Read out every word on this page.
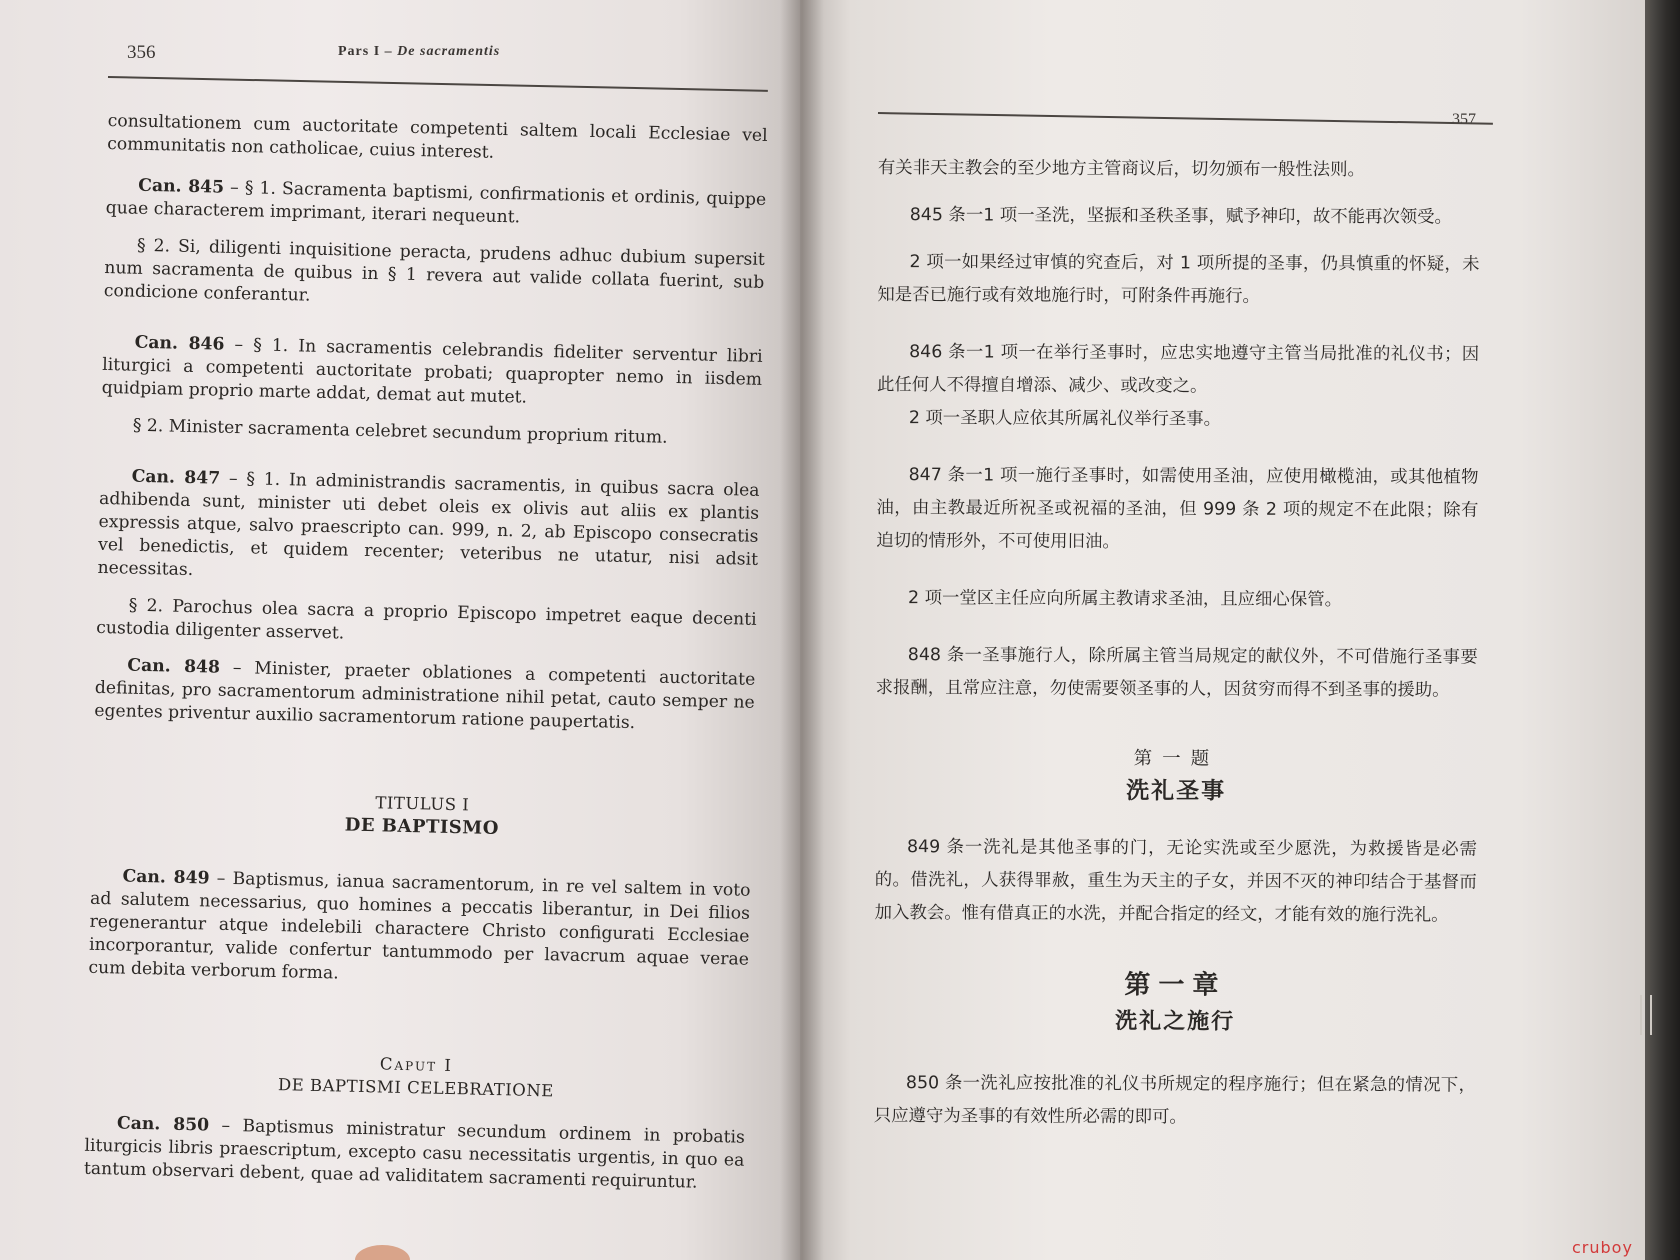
356	Pars I – De sacramentis

consultationem cum auctoritate competenti saltem locali Ecclesiae vel communitatis non catholicae, cuius interest.

Can. 845 – § 1. Sacramenta baptismi, confirmationis et ordinis, quippe quae characterem imprimant, iterari nequeunt.

§ 2. Si, diligenti inquisitione peracta, prudens adhuc dubium supersit num sacramenta de quibus in § 1 revera aut valide collata fuerint, sub condicione conferantur.

Can. 846 – § 1. In sacramentis celebrandis fideliter serventur libri liturgici a competenti auctoritate probati; quapropter nemo in iisdem quidpiam proprio marte addat, demat aut mutet.

§ 2. Minister sacramenta celebret secundum proprium ritum.

Can. 847 – § 1. In administrandis sacramentis, in quibus sacra olea adhibenda sunt, minister uti debet oleis ex olivis aut aliis ex plantis expressis atque, salvo praescripto can. 999, n. 2, ab Episcopo consecratis vel benedictis, et quidem recenter; veteribus ne utatur, nisi adsit necessitas.

§ 2. Parochus olea sacra a proprio Episcopo impetret eaque decenti custodia diligenter asservet.

Can. 848 – Minister, praeter oblationes a competenti auctoritate definitas, pro sacramentorum administratione nihil petat, cauto semper ne egentes priventur auxilio sacramentorum ratione paupertatis.

TITULUS I

DE BAPTISMO

Can. 849 – Baptismus, ianua sacramentorum, in re vel saltem in voto ad salutem necessarius, quo homines a peccatis liberantur, in Dei filios regenerantur atque indelebili charactere Christo configurati Ecclesiae incorporantur, valide confertur tantummodo per lavacrum aquae verae cum debita verborum forma.

Caput I

DE BAPTISMI CELEBRATIONE

Can. 850 – Baptismus ministratur secundum ordinem in probatis liturgicis libris praescriptum, excepto casu necessitatis urgentis, in quo ea tantum observari debent, quae ad validitatem sacramenti requiruntur.

357

有关非天主教会的至少地方主管商议后，切勿颁布一般性法则。

845 条一1 项一圣洗，坚振和圣秩圣事，赋予神印，故不能再次领受。

2 项一如果经过审慎的究查后，对 1 项所提的圣事，仍具慎重的怀疑，未知是否已施行或有效地施行时，可附条件再施行。

846 条一1 项一在举行圣事时，应忠实地遵守主管当局批准的礼仪书；因此任何人不得擅自增添、减少、或改变之。

2 项一圣职人应依其所属礼仪举行圣事。

847 条一1 项一施行圣事时，如需使用圣油，应使用橄榄油，或其他植物油，由主教最近所祝圣或祝福的圣油，但 999 条 2 项的规定不在此限；除有迫切的情形外，不可使用旧油。

2 项一堂区主任应向所属主教请求圣油，且应细心保管。

848 条一圣事施行人，除所属主管当局规定的献仪外，不可借施行圣事要求报酬，且常应注意，勿使需要领圣事的人，因贫穷而得不到圣事的援助。

第一题

洗礼圣事

849 条一洗礼是其他圣事的门，无论实洗或至少愿洗，为救援皆是必需的。借洗礼，人获得罪赦，重生为天主的子女，并因不灭的神印结合于基督而加入教会。惟有借真正的水洗，并配合指定的经文，才能有效的施行洗礼。

第一章

洗礼之施行

850 条一洗礼应按批准的礼仪书所规定的程序施行；但在紧急的情况下，只应遵守为圣事的有效性所必需的即可。

cruboy
